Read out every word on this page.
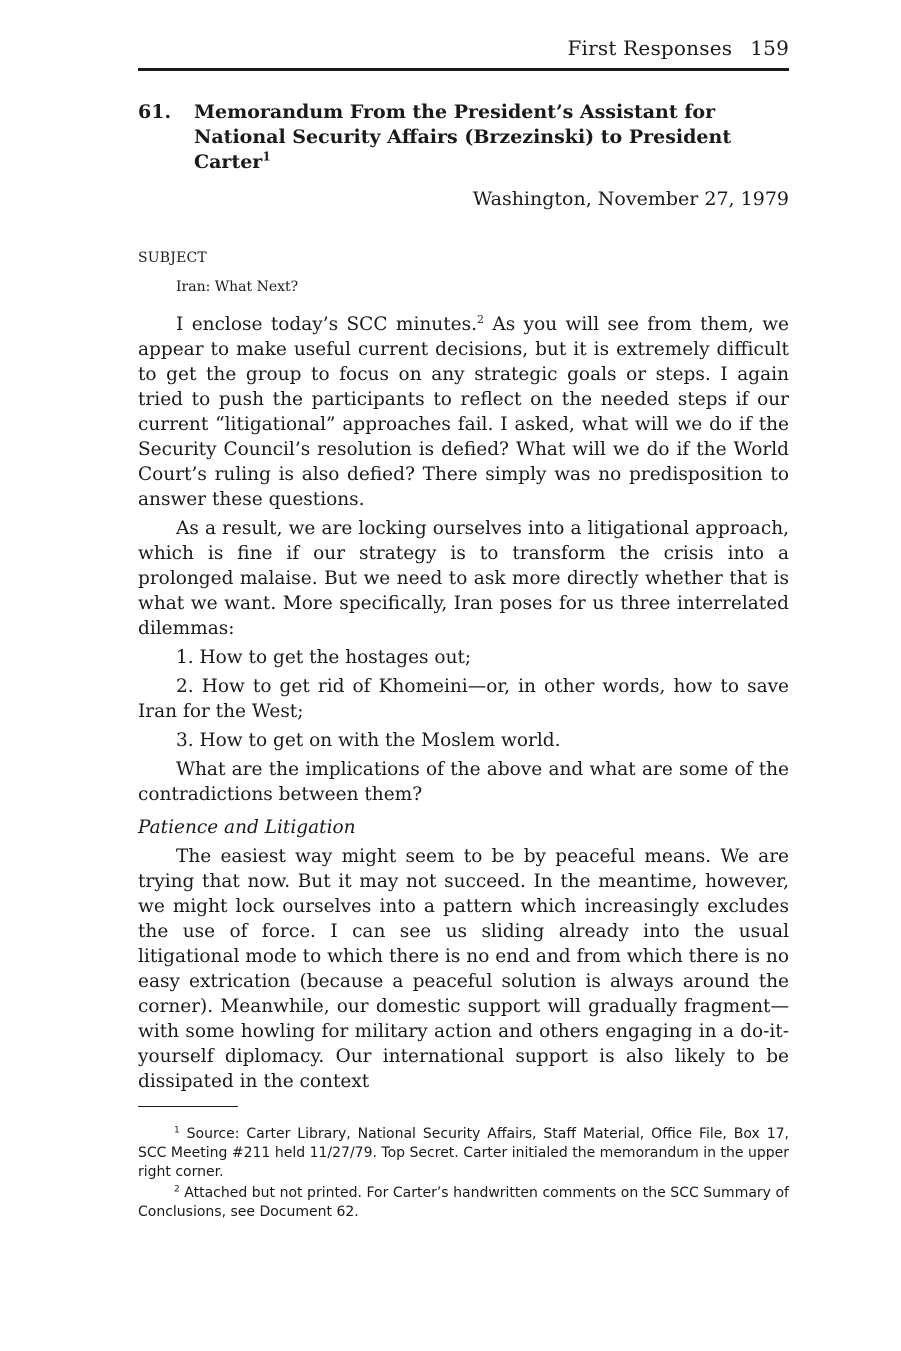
First Responses 159
61. Memorandum From the President’s Assistant for National Security Affairs (Brzezinski) to President Carter$^1$
Washington, November 27, 1979
SUBJECT
Iran: What Next?

I enclose today’s SCC minutes.$^2$ As you will see from them, we appear to make useful current decisions, but it is extremely difficult to get the group to focus on any strategic goals or steps. I again tried to push the participants to reflect on the needed steps if our current “litigational” approaches fail. I asked, what will we do if the Security Council’s resolution is defied? What will we do if the World Court’s ruling is also defied? There simply was no predisposition to answer these questions.

As a result, we are locking ourselves into a litigational approach, which is fine if our strategy is to transform the crisis into a prolonged malaise. But we need to ask more directly whether that is what we want. More specifically, Iran poses for us three interrelated dilemmas:

1. How to get the hostages out;

2. How to get rid of Khomeini—or, in other words, how to save Iran for the West;

3. How to get on with the Moslem world.

What are the implications of the above and what are some of the contradictions between them?

Patience and Litigation

The easiest way might seem to be by peaceful means. We are trying that now. But it may not succeed. In the meantime, however, we might lock ourselves into a pattern which increasingly excludes the use of force. I can see us sliding already into the usual litigational mode to which there is no end and from which there is no easy extrication (because a peaceful solution is always around the corner). Meanwhile, our domestic support will gradually fragment—with some howling for military action and others engaging in a do-it-yourself diplomacy. Our international support is also likely to be dissipated in the context

$^1$ Source: Carter Library, National Security Affairs, Staff Material, Office File, Box 17, SCC Meeting #211 held 11/27/79. Top Secret. Carter initialed the memorandum in the upper right corner.

$^2$ Attached but not printed. For Carter’s handwritten comments on the SCC Summary of Conclusions, see Document 62.
